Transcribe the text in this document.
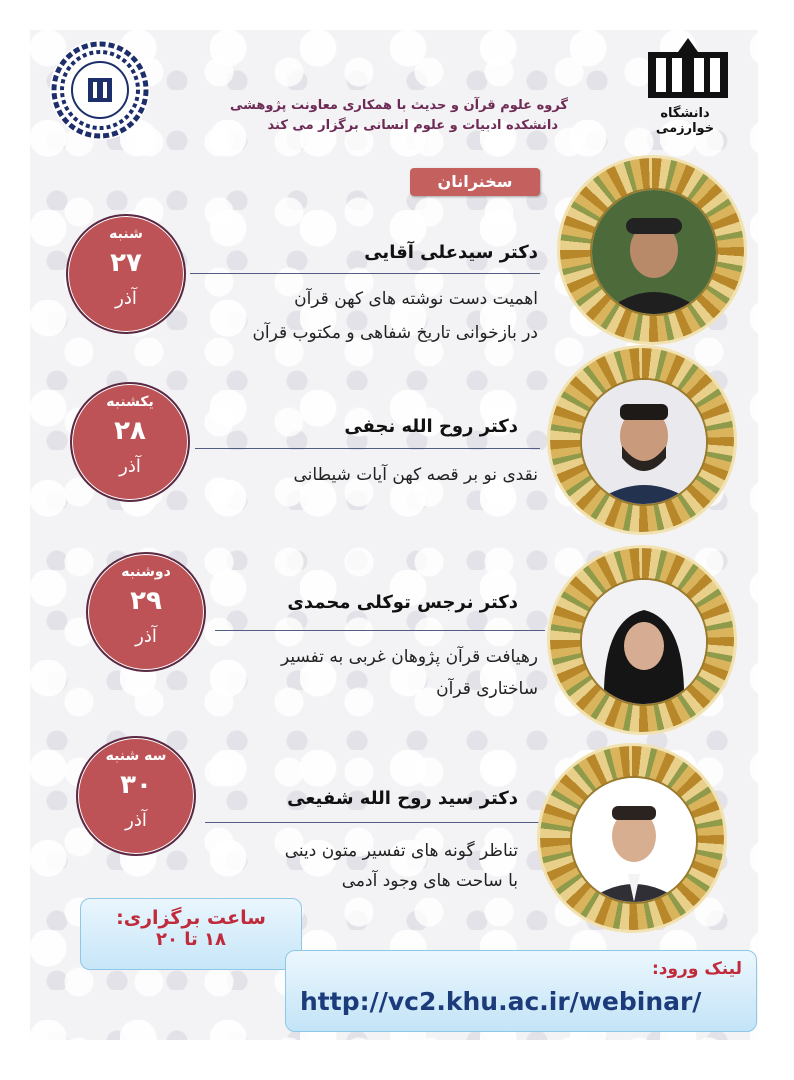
دانشگاه خوارزمی
گروه علوم قرآن و حدیث با همکاری معاونت پژوهشی
دانشکده ادبیات و علوم انسانی برگزار می کند
سخنرانان
شنبه
۲۷
آذر
دکتر سیدعلی آقایی
اهمیت دست نوشته های کهن قرآن
در بازخوانی تاریخ شفاهی و مکتوب قرآن
یکشنبه
۲۸
آذر
دکتر روح الله نجفی
نقدی نو بر قصه کهن آیات شیطانی
دوشنبه
۲۹
آذر
دکتر نرجس توکلی محمدی
رهیافت قرآن پژوهان غربی به تفسیر
ساختاری قرآن
سه شنبه
۳۰
آذر
دکتر سید روح الله شفیعی
تناظر گونه های تفسیر متون دینی
با ساحت های وجود آدمی
ساعت برگزاری:
۱۸ تا ۲۰
لینک ورود:
http://vc2.khu.ac.ir/webinar/
